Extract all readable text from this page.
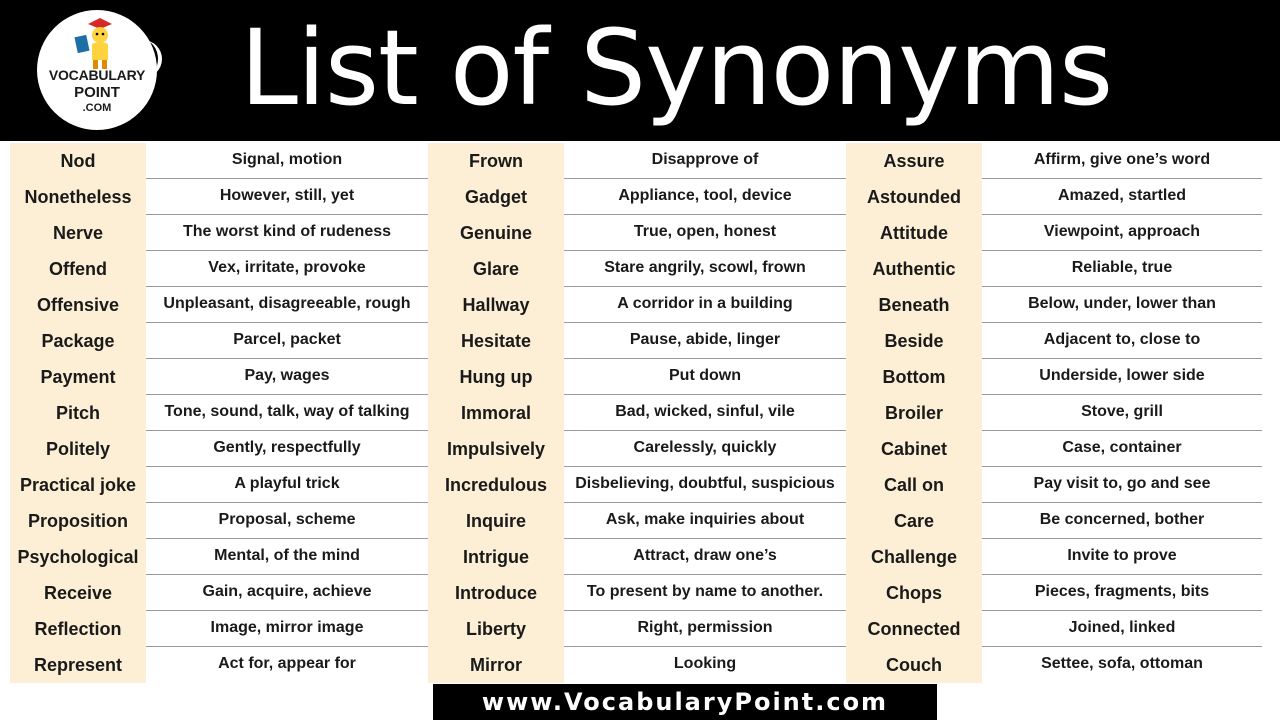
VOCABULARY
POINT
.COM	List of Synonyms
Nod	Signal, motion
Nonetheless	However, still, yet
Nerve	The worst kind of rudeness
Offend	Vex, irritate, provoke
Offensive	Unpleasant, disagreeable, rough
Package	Parcel, packet
Payment	Pay, wages
Pitch	Tone, sound, talk, way of talking
Politely	Gently, respectfully
Practical joke	A playful trick
Proposition	Proposal, scheme
Psychological	Mental, of the mind
Receive	Gain, acquire, achieve
Reflection	Image, mirror image
Represent	Act for, appear for
Frown	Disapprove of
Gadget	Appliance, tool, device
Genuine	True, open, honest
Glare	Stare angrily, scowl, frown
Hallway	A corridor in a building
Hesitate	Pause, abide, linger
Hung up	Put down
Immoral	Bad, wicked, sinful, vile
Impulsively	Carelessly, quickly
Incredulous	Disbelieving, doubtful, suspicious
Inquire	Ask, make inquiries about
Intrigue	Attract, draw one’s
Introduce	To present by name to another.
Liberty	Right, permission
Mirror	Looking
Assure	Affirm, give one’s word
Astounded	Amazed, startled
Attitude	Viewpoint, approach
Authentic	Reliable, true
Beneath	Below, under, lower than
Beside	Adjacent to, close to
Bottom	Underside, lower side
Broiler	Stove, grill
Cabinet	Case, container
Call on	Pay visit to, go and see
Care	Be concerned, bother
Challenge	Invite to prove
Chops	Pieces, fragments, bits
Connected	Joined, linked
Couch	Settee, sofa, ottoman
www.VocabularyPoint.com
